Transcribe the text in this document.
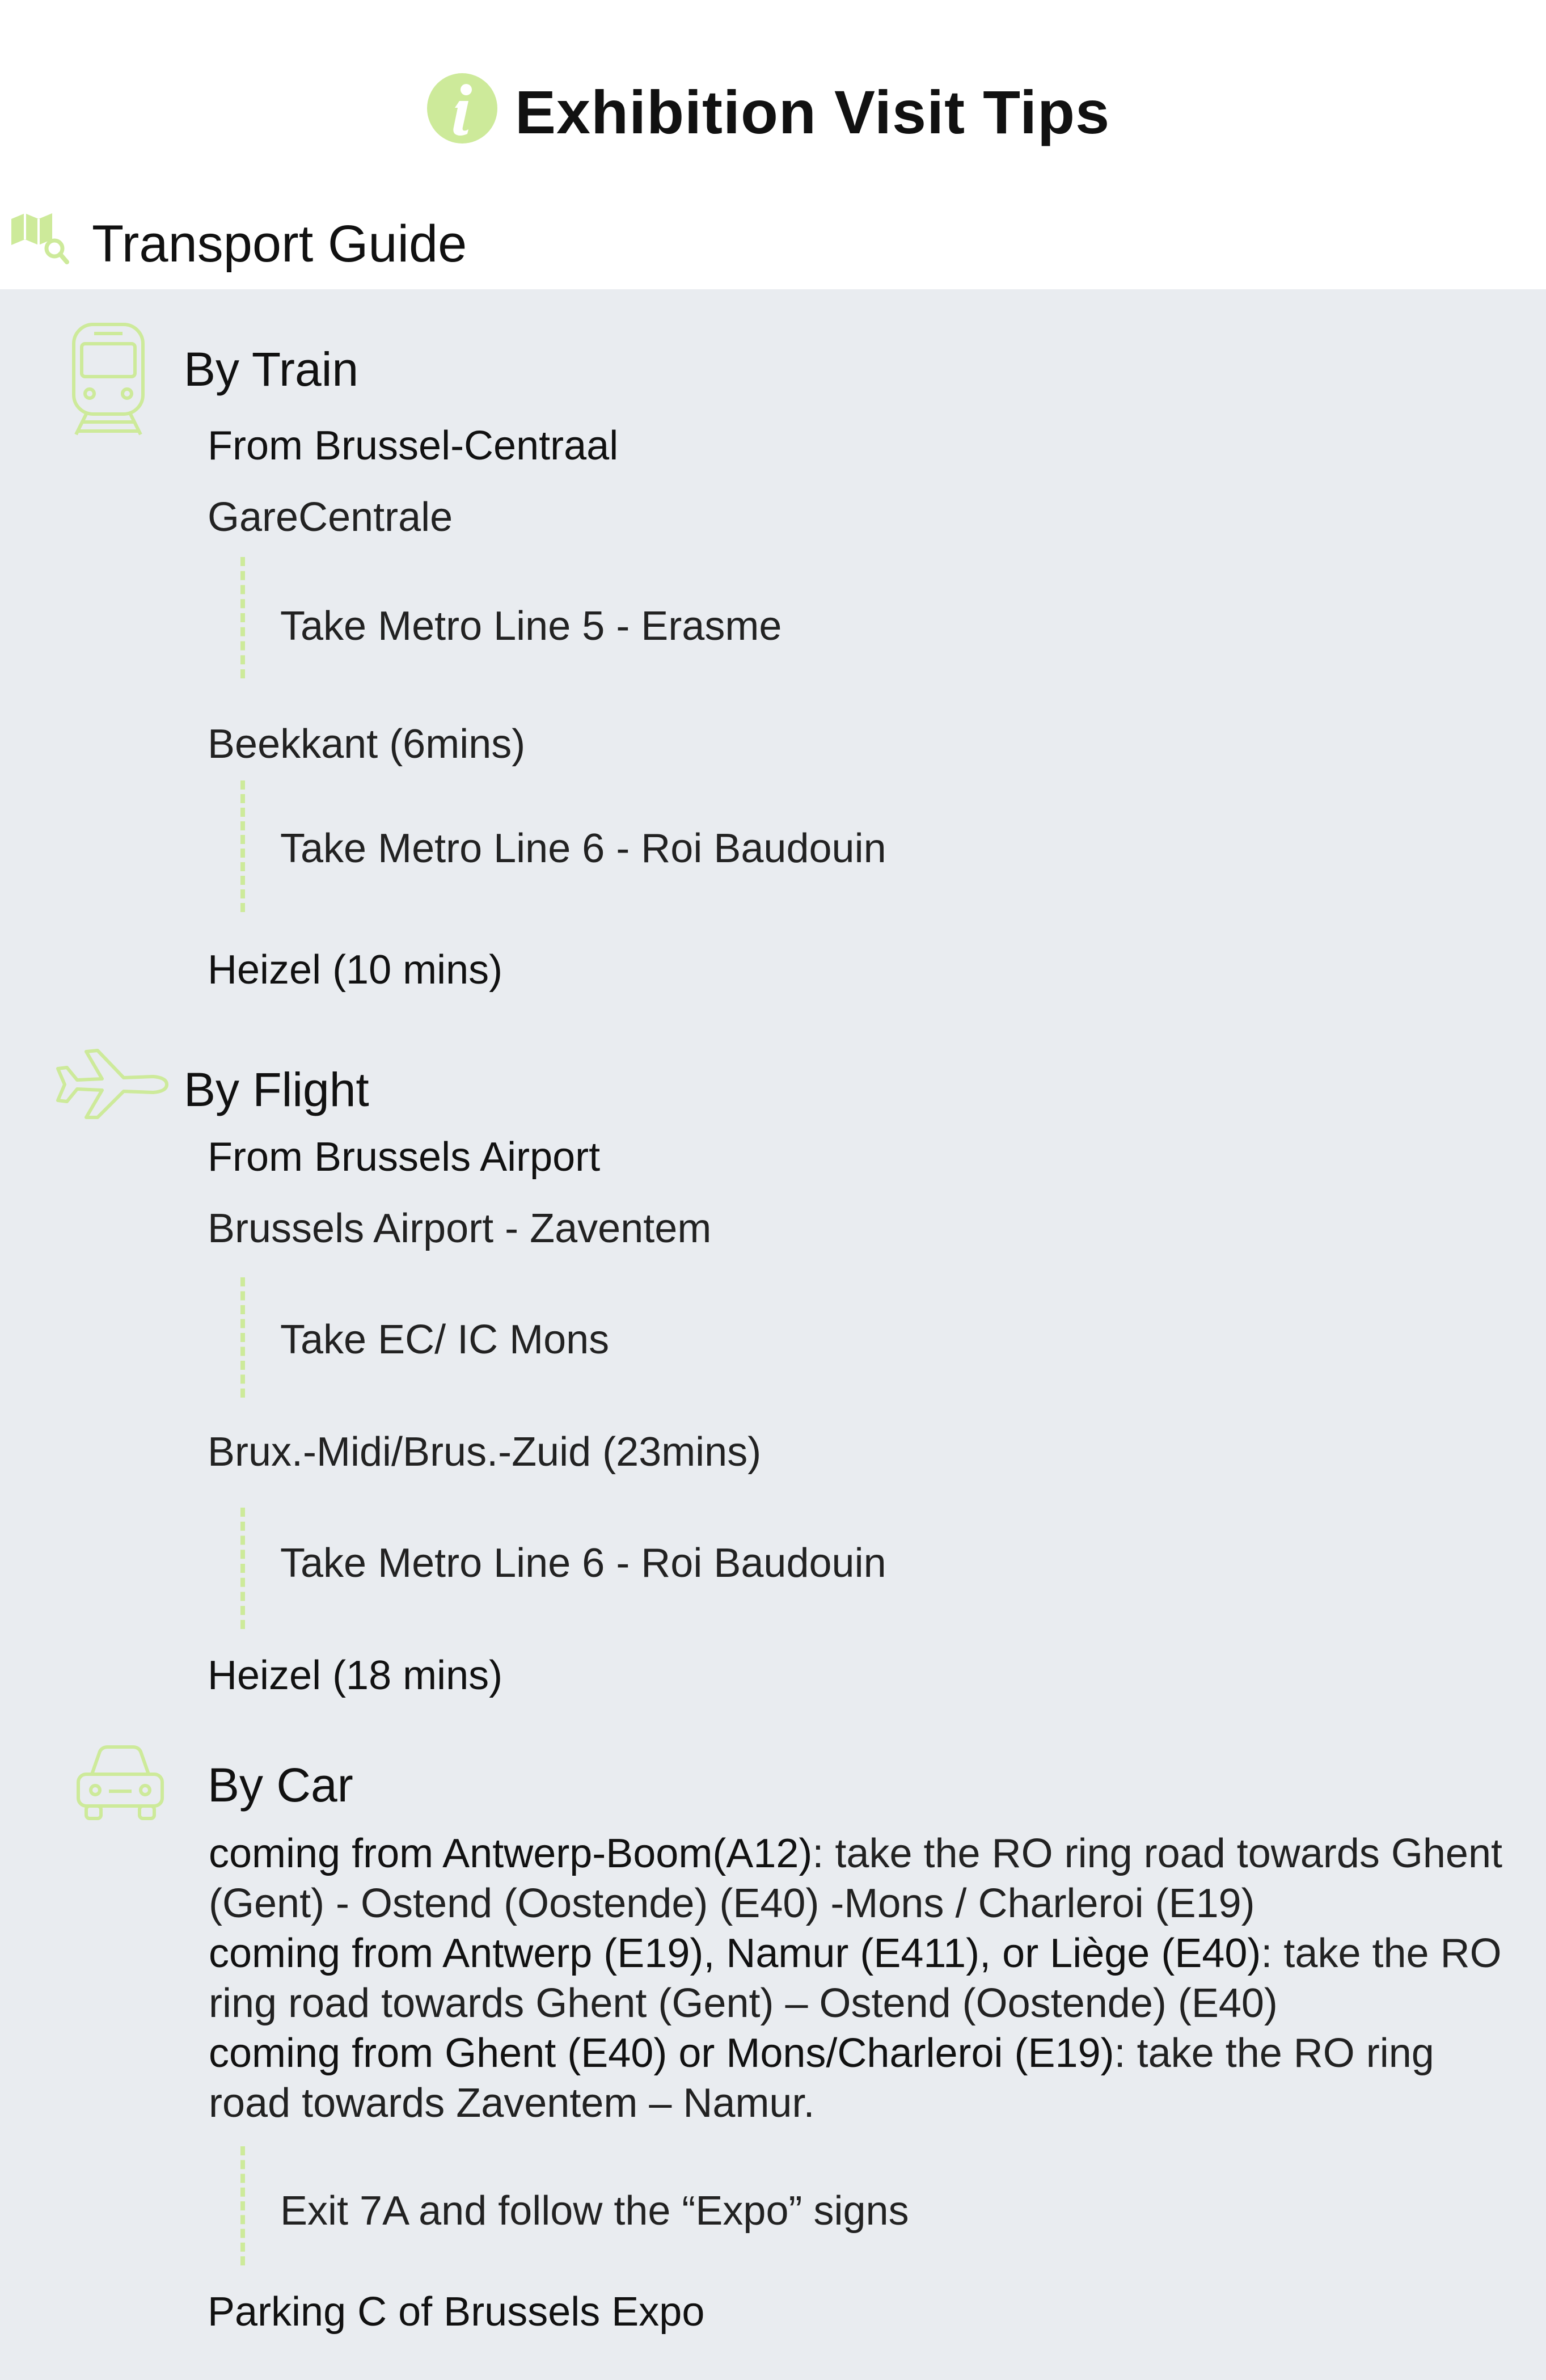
Exhibition Visit Tips
Transport Guide
By Train
From Brussel-Centraal
GareCentrale
Take Metro Line 5 - Erasme
Beekkant (6mins)
Take Metro Line 6 - Roi Baudouin
Heizel (10 mins)
By Flight
From Brussels Airport
Brussels Airport - Zaventem
Take EC/ IC Mons
Brux.-Midi/Brus.-Zuid (23mins)
Take Metro Line 6 - Roi Baudouin
Heizel (18 mins)
By Car
coming from Antwerp-Boom(A12): take the RO ring road towards Ghent
(Gent) - Ostend (Oostende) (E40) -Mons / Charleroi (E19)
coming from Antwerp (E19), Namur (E411), or Liège (E40): take the RO
ring road towards Ghent (Gent) – Ostend (Oostende) (E40)
coming from Ghent (E40) or Mons/Charleroi (E19): take the RO ring
road towards Zaventem – Namur.
Exit 7A and follow the “Expo” signs
Parking C of Brussels Expo
